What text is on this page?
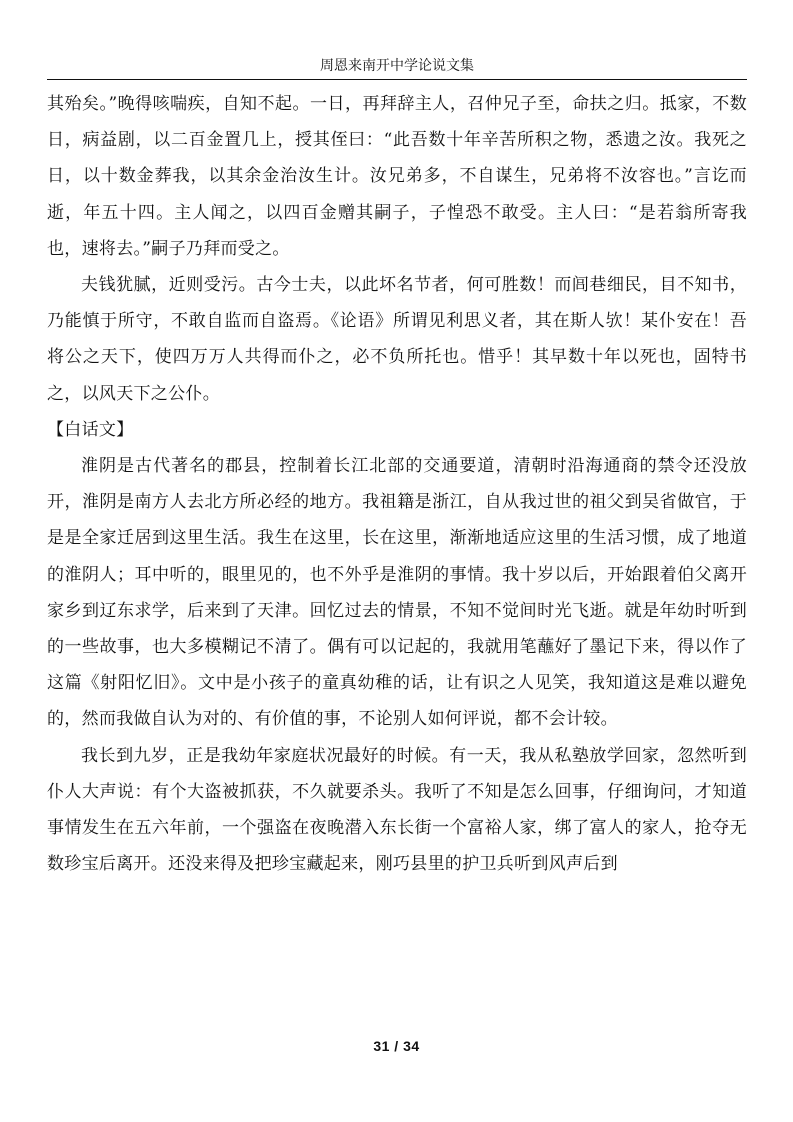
周恩来南开中学论说文集

其殆矣。”晚得咳喘疾，自知不起。一日，再拜辞主人，召仲兄子至，命扶之归。抵家，不数日，病益剧，以二百金置几上，授其侄曰：“此吾数十年辛苦所积之物，悉遗之汝。我死之日，以十数金葬我，以其余金治汝生计。汝兄弟多，不自谋生，兄弟将不汝容也。”言讫而逝，年五十四。主人闻之，以四百金赠其嗣子，子惶恐不敢受。主人曰：“是若翁所寄我也，速将去。”嗣子乃拜而受之。

夫钱犹腻，近则受污。古今士夫，以此坏名节者，何可胜数！而闾巷细民，目不知书，乃能慎于所守，不敢自监而自盗焉。《论语》所谓见利思义者，其在斯人欤！某仆安在！吾将公之天下，使四万万人共得而仆之，必不负所托也。惜乎！其早数十年以死也，固特书之，以风天下之公仆。

【白话文】

淮阴是古代著名的郡县，控制着长江北部的交通要道，清朝时沿海通商的禁令还没放开，淮阴是南方人去北方所必经的地方。我祖籍是浙江，自从我过世的祖父到吴省做官，于是是全家迁居到这里生活。我生在这里，长在这里，渐渐地适应这里的生活习惯，成了地道的淮阴人；耳中听的，眼里见的，也不外乎是淮阴的事情。我十岁以后，开始跟着伯父离开家乡到辽东求学，后来到了天津。回忆过去的情景，不知不觉间时光飞逝。就是年幼时听到的一些故事，也大多模糊记不清了。偶有可以记起的，我就用笔蘸好了墨记下来，得以作了这篇《射阳忆旧》。文中是小孩子的童真幼稚的话，让有识之人见笑，我知道这是难以避免的，然而我做自认为对的、有价值的事，不论别人如何评说，都不会计较。

我长到九岁，正是我幼年家庭状况最好的时候。有一天，我从私塾放学回家，忽然听到仆人大声说：有个大盗被抓获，不久就要杀头。我听了不知是怎么回事，仔细询问，才知道事情发生在五六年前，一个强盗在夜晚潜入东长街一个富裕人家，绑了富人的家人，抢夺无数珍宝后离开。还没来得及把珍宝藏起来，刚巧县里的护卫兵听到风声后到

31 / 34
